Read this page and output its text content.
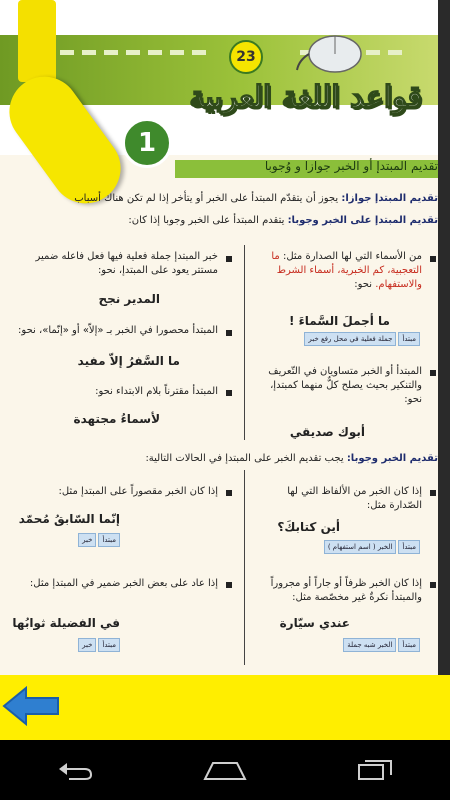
23
قواعد اللغة العربية
1
تقديم المبتدإ أو الخبر جوازا و وُجوبا
تقديم المبتدإ جوازا: يجوز أن يتقدّم المبتدأ على الخبر أو يتأخر إذا لم تكن هناك أسباب
تقديم المبتدإ على الخبر وجوبا: يتقدم المبتدأ على الخبر وجوبا إذا كان:
من الأسماء التي لها الصدارة مثل: ما التعجبية، كم الخبرية، أسماء الشرط والاستفهام. نحو:
ما أجملَ السَّماءَ !
مبتدأ
جملة فعلية في محل رفع خبر
المبتدأ أو الخبر متساويان في التّعريف والتنكير بحيث يصلح كلٌّ منهما كمبتدإ، نحو:
أبوك صديقي
خبر المبتدإ جملة فعلية فيها فعل فاعله ضمير مستتر يعود على المبتدإ، نحو:
المدير نجح
المبتدأ محصورا في الخبر بـ «إلاّ» أو «إنّما»، نحو:
ما السَّفرُ إلاّ مفيد
المبتدأ مقترناً بلام الابتداء نحو:
لأسماءُ مجتهدة
تقديم الخبر وجوبا: يجب تقديم الخبر على المبتدإ في الحالات التالية:
إذا كان الخبر من الألفاظ التي لها الصّدارة مثل:
أين كتابكَ؟
مبتدأ
الخبر ( اسم استفهام )
إذا كان الخبر ظرفاً أو جاراً أو مجروراً والمبتدأ نكرةٌ غير مخصّصة مثل:
عندي سيّارة
مبتدأ
الخبر شبه جملة
إذا كان الخبر مقصوراً على المبتدإ مثل:
إنّما السّابقُ مُحمّد
مبتدأ
خبر
إذا عاد على بعض الخبر ضمير في المبتدإ مثل:
في الفضيلة ثوابُها
مبتدأ
خبر
